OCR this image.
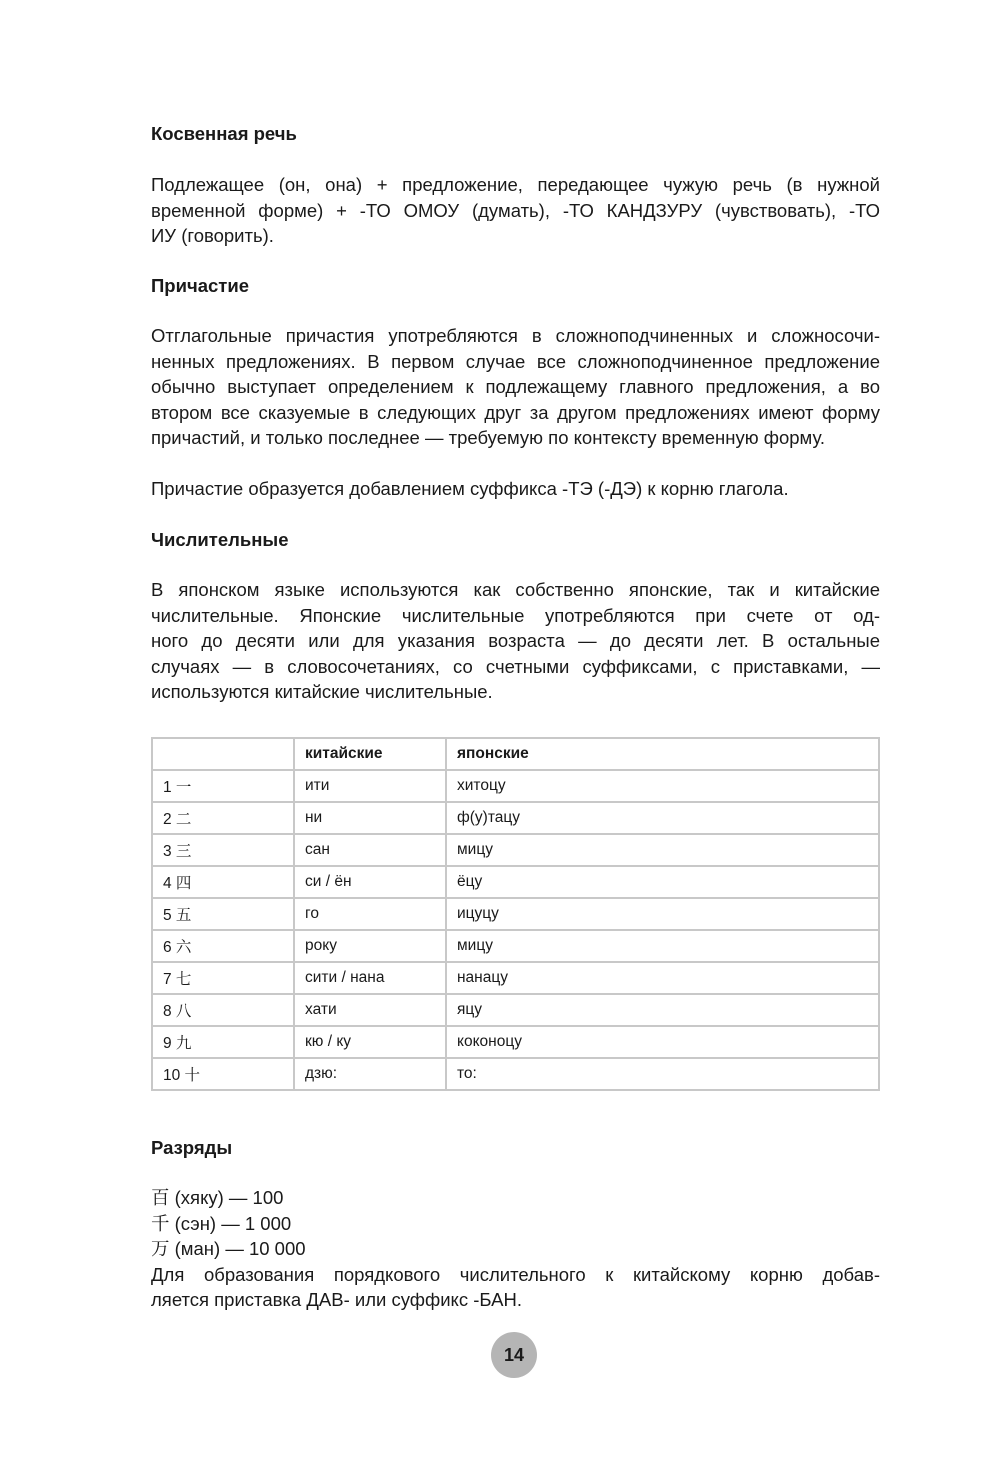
Косвенная речь
Подлежащее (он, она) + предложение, передающее чужую речь (в нужной
временной форме) + -ТО ОМОУ (думать), -ТО КАНДЗУРУ (чувствовать), -ТО
ИУ (говорить).
Причастие
Отглагольные причастия употребляются в сложноподчиненных и сложносочи-
ненных предложениях. В первом случае все сложноподчиненное предложение
обычно выступает определением к подлежащему главного предложения, а во
втором все сказуемые в следующих друг за другом предложениях имеют форму
причастий, и только последнее — требуемую по контексту временную форму.
Причастие образуется добавлением суффикса -ТЭ (-ДЭ) к корню глагола.
Числительные
В японском языке используются как собственно японские, так и китайские
числительные. Японские числительные употребляются при счете от од-
ного до десяти или для указания возраста — до десяти лет. В остальные
случаях — в словосочетаниях, со счетными суффиксами, с приставками, —
используются китайские числительные.
	китайские	японские
1 一	ити	хитоцу
2 二	ни	ф(у)тацу
3 三	сан	мицу
4 四	си / ён	ёцу
5 五	го	ицуцу
6 六	року	мицу
7 七	сити / нана	нанацу
8 八	хати	яцу
9 九	кю / ку	коконоцу
10 十	дзю:	то:
Разряды
百 (хяку) — 100
千 (сэн) — 1 000
万 (ман) — 10 000
Для образования порядкового числительного к китайскому корню добав-
ляется приставка ДАВ- или суффикс -БАН.
14
